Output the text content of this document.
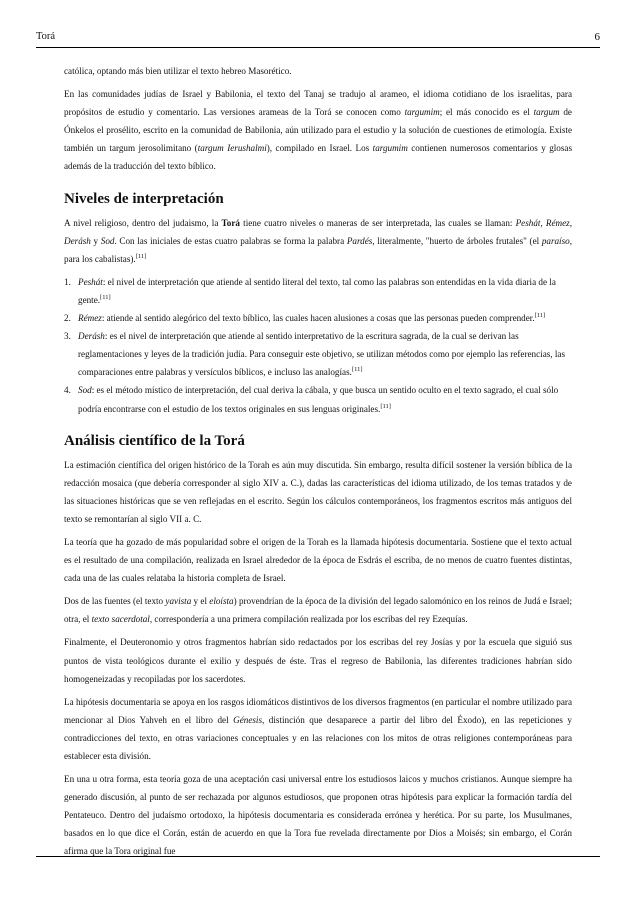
Torá	6

católica, optando más bien utilizar el texto hebreo Masorético.

En las comunidades judías de Israel y Babilonia, el texto del Tanaj se tradujo al arameo, el idioma cotidiano de los israelitas, para propósitos de estudio y comentario. Las versiones arameas de la Torá se conocen como targumim; el más conocido es el targum de Ónkelos el prosélito, escrito en la comunidad de Babilonia, aún utilizado para el estudio y la solución de cuestiones de etimología. Existe también un targum jerosolimitano (targum Ierushalmi), compilado en Israel. Los targumim contienen numerosos comentarios y glosas además de la traducción del texto bíblico.

Niveles de interpretación

A nivel religioso, dentro del judaismo, la Torá tiene cuatro niveles o maneras de ser interpretada, las cuales se llaman: Peshát, Rémez, Derásh y Sod. Con las iniciales de estas cuatro palabras se forma la palabra Pardés, literalmente, "huerto de árboles frutales" (el paraíso, para los cabalistas).[11]

1. Peshát: el nivel de interpretación que atiende al sentido literal del texto, tal como las palabras son entendidas en la vida diaria de la gente.[11]
2. Rémez: atiende al sentido alegórico del texto bíblico, las cuales hacen alusiones a cosas que las personas pueden comprender.[11]
3. Derásh: es el nivel de interpretación que atiende al sentido interpretativo de la escritura sagrada, de la cual se derivan las reglamentaciones y leyes de la tradición judía. Para conseguir este objetivo, se utilizan métodos como por ejemplo las referencias, las comparaciones entre palabras y versículos bíblicos, e incluso las analogías.[11]
4. Sod: es el método místico de interpretación, del cual deriva la cábala, y que busca un sentido oculto en el texto sagrado, el cual sólo podría encontrarse con el estudio de los textos originales en sus lenguas originales.[11]
Análisis científico de la Torá

La estimación científica del origen histórico de la Torah es aún muy discutida. Sin embargo, resulta difícil sostener la versión bíblica de la redacción mosaica (que debería corresponder al siglo XIV a. C.), dadas las características del idioma utilizado, de los temas tratados y de las situaciones históricas que se ven reflejadas en el escrito. Según los cálculos contemporáneos, los fragmentos escritos más antiguos del texto se remontarían al siglo VII a. C.

La teoría que ha gozado de más popularidad sobre el origen de la Torah es la llamada hipótesis documentaria. Sostiene que el texto actual es el resultado de una compilación, realizada en Israel alrededor de la época de Esdrás el escriba, de no menos de cuatro fuentes distintas, cada una de las cuales relataba la historia completa de Israel.

Dos de las fuentes (el texto yavista y el eloísta) provendrían de la época de la división del legado salomónico en los reinos de Judá e Israel; otra, el texto sacerdotal, correspondería a una primera compilación realizada por los escribas del rey Ezequías.

Finalmente, el Deuteronomio y otros fragmentos habrían sido redactados por los escribas del rey Josías y por la escuela que siguió sus puntos de vista teológicos durante el exilio y después de éste. Tras el regreso de Babilonia, las diferentes tradiciones habrían sido homogeneizadas y recopiladas por los sacerdotes.

La hipótesis documentaria se apoya en los rasgos idiomáticos distintivos de los diversos fragmentos (en particular el nombre utilizado para mencionar al Dios Yahveh en el libro del Génesis, distinción que desaparece a partir del libro del Éxodo), en las repeticiones y contradicciones del texto, en otras variaciones conceptuales y en las relaciones con los mitos de otras religiones contemporáneas para establecer esta división.

En una u otra forma, esta teoría goza de una aceptación casi universal entre los estudiosos laicos y muchos cristianos. Aunque siempre ha generado discusión, al punto de ser rechazada por algunos estudiosos, que proponen otras hipótesis para explicar la formación tardía del Pentateuco. Dentro del judaísmo ortodoxo, la hipótesis documentaria es considerada errónea y herética. Por su parte, los Musulmanes, basados en lo que dice el Corán, están de acuerdo en que la Tora fue revelada directamente por Dios a Moisés; sin embargo, el Corán afirma que la Tora original fue
